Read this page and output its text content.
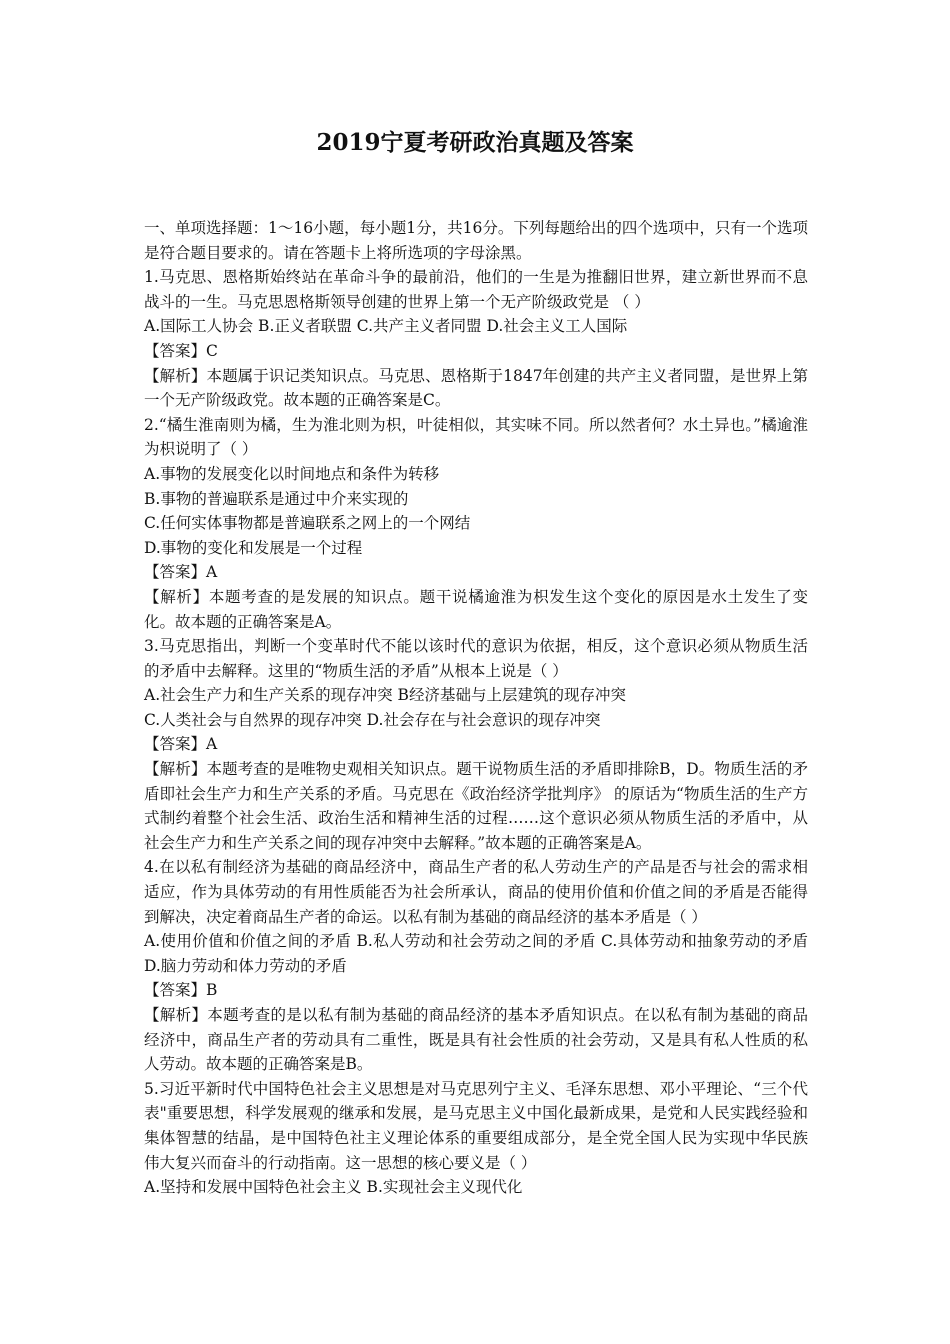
2019宁夏考研政治真题及答案

一、单项选择题：1～16小题，每小题1分，共16分。下列每题给出的四个选项中，只有一个选项是符合题目要求的。请在答题卡上将所选项的字母涂黑。

1.马克思、恩格斯始终站在革命斗争的最前沿，他们的一生是为推翻旧世界，建立新世界而不息战斗的一生。马克思恩格斯领导创建的世界上第一个无产阶级政党是 （ ）

A.国际工人协会 B.正义者联盟 C.共产主义者同盟 D.社会主义工人国际

【答案】C

【解析】本题属于识记类知识点。马克思、恩格斯于1847年创建的共产主义者同盟，是世界上第一个无产阶级政党。故本题的正确答案是C。

2.“橘生淮南则为橘，生为淮北则为枳，叶徒相似，其实味不同。所以然者何？水土异也。”橘逾淮为枳说明了（ ）

A.事物的发展变化以时间地点和条件为转移

B.事物的普遍联系是通过中介来实现的

C.任何实体事物都是普遍联系之网上的一个网结

D.事物的变化和发展是一个过程

【答案】A

【解析】本题考查的是发展的知识点。题干说橘逾淮为枳发生这个变化的原因是水土发生了变化。故本题的正确答案是A。

3.马克思指出，判断一个变革时代不能以该时代的意识为依据，相反，这个意识必须从物质生活的矛盾中去解释。这里的“物质生活的矛盾”从根本上说是（ ）

A.社会生产力和生产关系的现存冲突 B经济基础与上层建筑的现存冲突

C.人类社会与自然界的现存冲突 D.社会存在与社会意识的现存冲突

【答案】A

【解析】本题考查的是唯物史观相关知识点。题干说物质生活的矛盾即排除B，D。物质生活的矛盾即社会生产力和生产关系的矛盾。马克思在《政治经济学批判序》 的原话为“物质生活的生产方式制约着整个社会生活、政治生活和精神生活的过程……这个意识必须从物质生活的矛盾中，从社会生产力和生产关系之间的现存冲突中去解释。”故本题的正确答案是A。

4.在以私有制经济为基础的商品经济中，商品生产者的私人劳动生产的产品是否与社会的需求相适应，作为具体劳动的有用性质能否为社会所承认，商品的使用价值和价值之间的矛盾是否能得到解决，决定着商品生产者的命运。以私有制为基础的商品经济的基本矛盾是（ ）

A.使用价值和价值之间的矛盾 B.私人劳动和社会劳动之间的矛盾 C.具体劳动和抽象劳动的矛盾 D.脑力劳动和体力劳动的矛盾

【答案】B

【解析】本题考查的是以私有制为基础的商品经济的基本矛盾知识点。在以私有制为基础的商品经济中，商品生产者的劳动具有二重性，既是具有社会性质的社会劳动，又是具有私人性质的私人劳动。故本题的正确答案是B。

5.习近平新时代中国特色社会主义思想是对马克思列宁主义、毛泽东思想、邓小平理论、“三个代表"重要思想，科学发展观的继承和发展，是马克思主义中国化最新成果，是党和人民实践经验和集体智慧的结晶，是中国特色社主义理论体系的重要组成部分，是全党全国人民为实现中华民族伟大复兴而奋斗的行动指南。这一思想的核心要义是（ ）

A.坚持和发展中国特色社会主义 B.实现社会主义现代化
